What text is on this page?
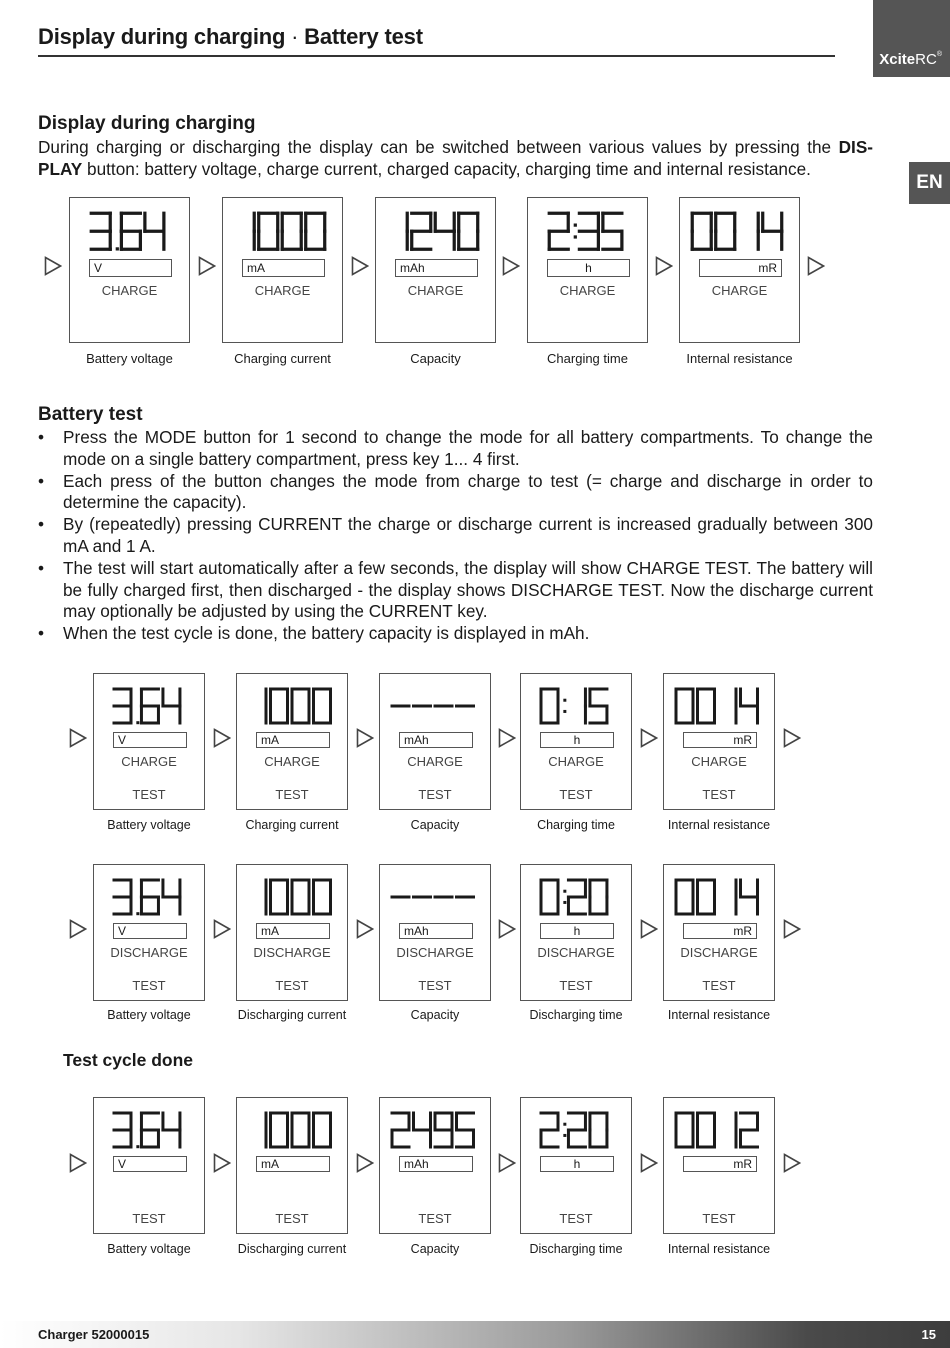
Display during charging · Battery test
XciteRC®
EN
Display during charging
During charging or discharging the display can be switched between various values by pressing the DIS-PLAY button: battery voltage, charge current, charged capacity, charging time and internal resistance.
Battery test
• Press the MODE button for 1 second to change the mode for all battery compartments. To change the mode on a single battery compartment, press key 1... 4 first.
• Each press of the button changes the mode from charge to test (= charge and discharge in order to determine the capacity).
• By (repeatedly) pressing CURRENT the charge or discharge current is increased gradually between 300 mA and 1 A.
• The test will start automatically after a few seconds, the display will show CHARGE TEST. The battery will be fully charged first, then discharged - the display shows DISCHARGE TEST. Now the discharge current may optionally be adjusted by using the CURRENT key.
• When the test cycle is done, the battery capacity is displayed in mAh.
Test cycle done
V
CHARGE
Battery voltage
mA
CHARGE
Charging current
mAh
CHARGE
Capacity
h
CHARGE
Charging time
mR
CHARGE
Internal resistance
V
CHARGE
TEST
Battery voltage
mA
CHARGE
TEST
Charging current
mAh
CHARGE
TEST
Capacity
h
CHARGE
TEST
Charging time
mR
CHARGE
TEST
Internal resistance
V
DISCHARGE
TEST
Battery voltage
mA
DISCHARGE
TEST
Discharging current
mAh
DISCHARGE
TEST
Capacity
h
DISCHARGE
TEST
Discharging time
mR
DISCHARGE
TEST
Internal resistance
V
TEST
Battery voltage
mA
TEST
Discharging current
mAh
TEST
Capacity
h
TEST
Discharging time
mR
TEST
Internal resistance
Charger 52000015	15
